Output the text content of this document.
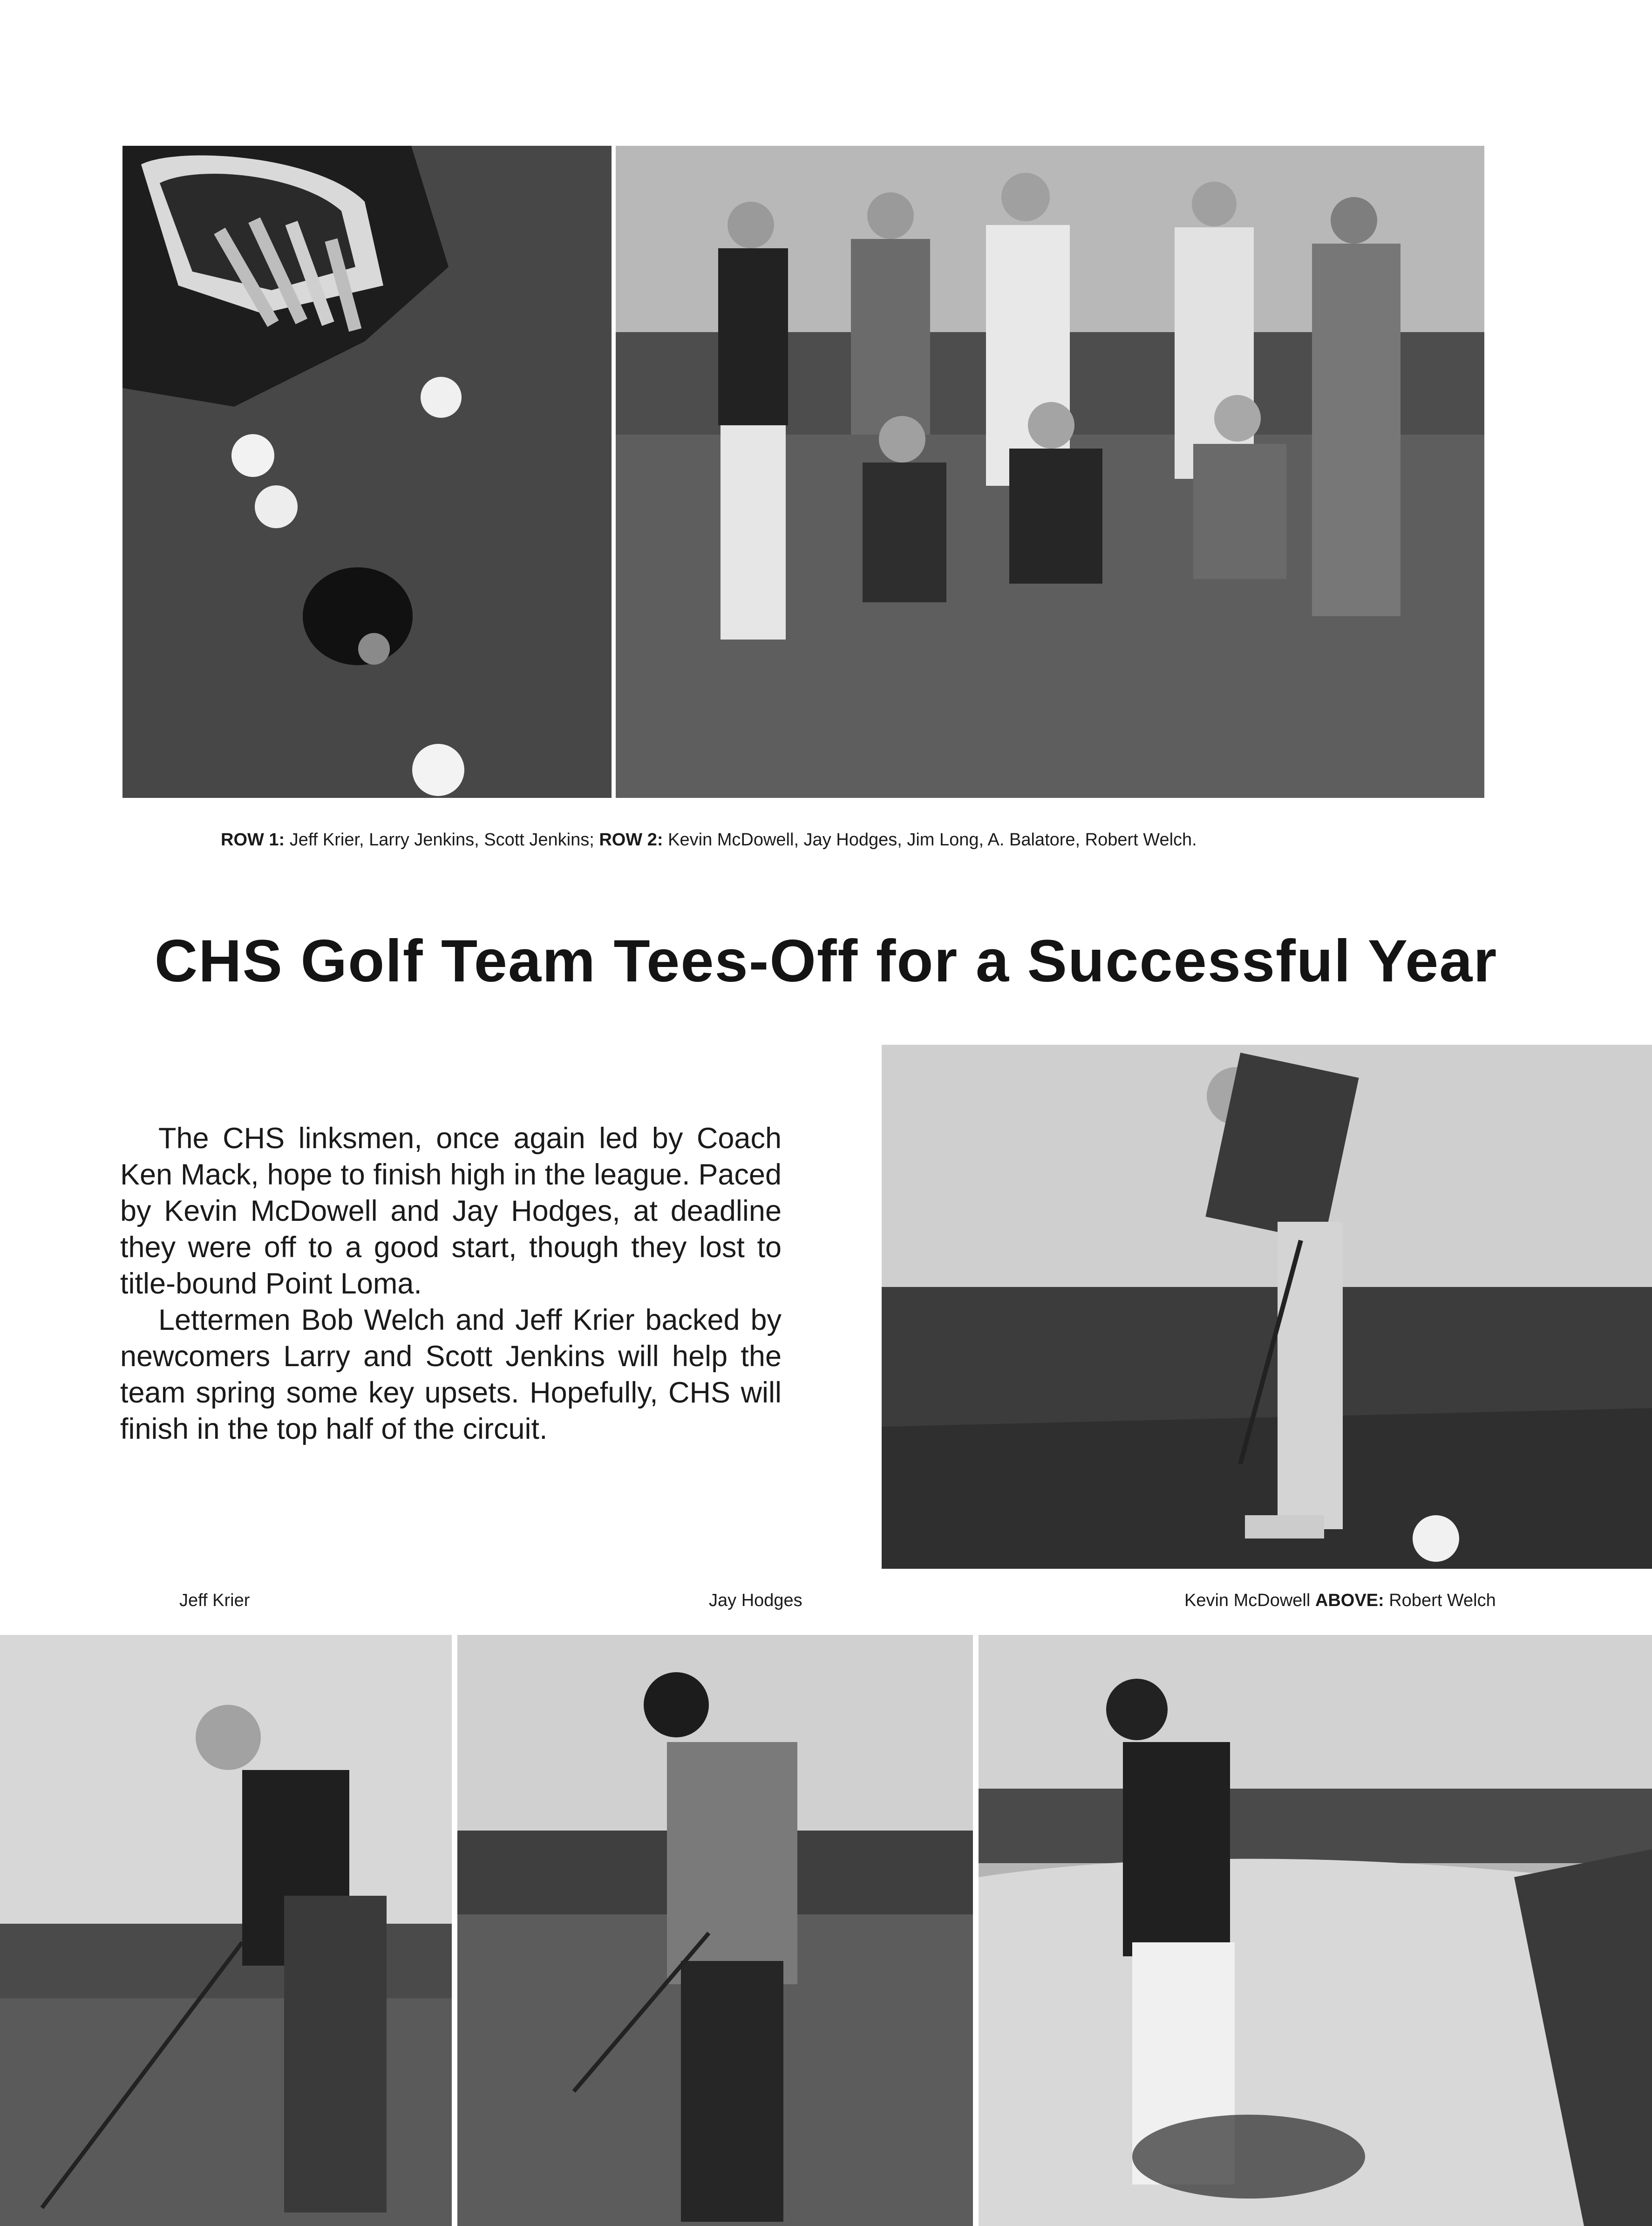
ROW 1: Jeff Krier, Larry Jenkins, Scott Jenkins; ROW 2: Kevin McDowell, Jay Hodges, Jim Long, A. Balatore, Robert Welch.
CHS Golf Team Tees-Off for a Successful Year

The CHS linksmen, once again led by Coach Ken Mack, hope to finish high in the league. Paced by Kevin McDowell and Jay Hodges, at deadline they were off to a good start, though they lost to title-bound Point Loma.

Lettermen Bob Welch and Jeff Krier backed by newcomers Larry and Scott Jenkins will help the team spring some key upsets. Hopefully, CHS will finish in the top half of the circuit.

Jeff Krier	Jay Hodges	Kevin McDowell ABOVE: Robert Welch
